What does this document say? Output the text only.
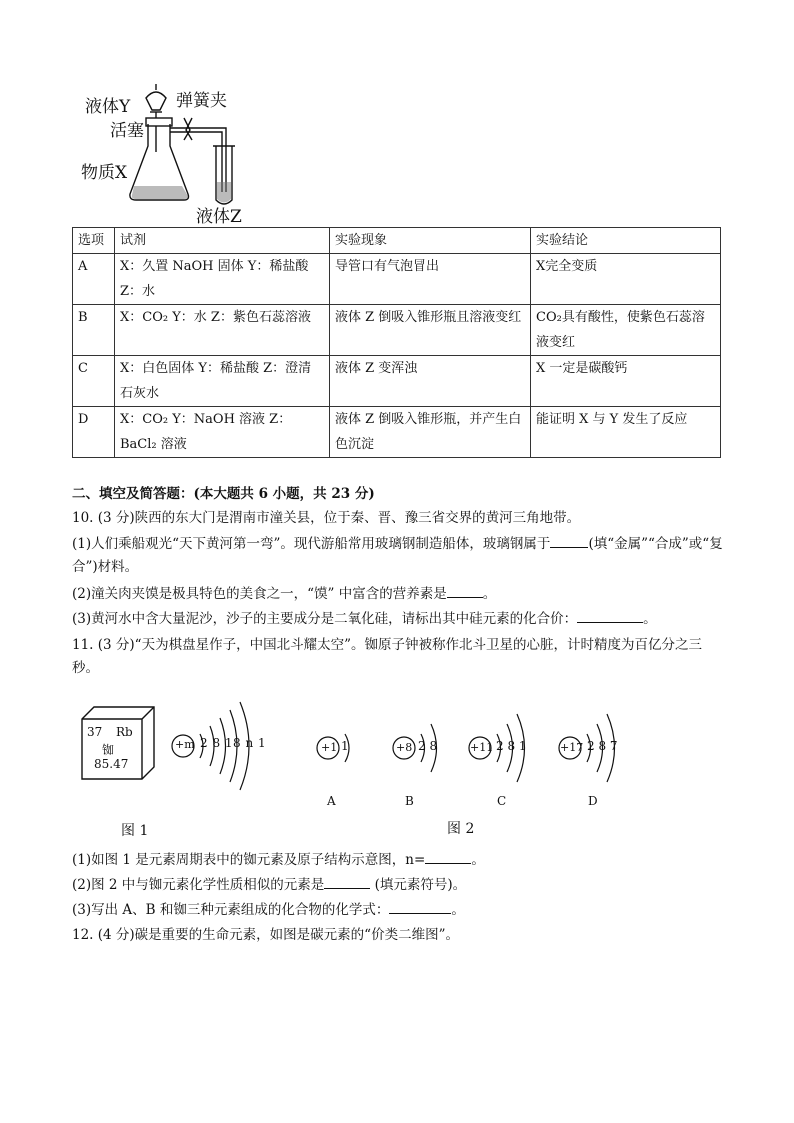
液体Y
活塞
弹簧夹
物质X
液体Z
选项	试剂	实验现象	实验结论
A	X：久置 NaOH 固体 Y：稀盐酸 Z：水	导管口有气泡冒出	X完全变质
B	X：CO₂ Y：水 Z：紫色石蕊溶液	液体 Z 倒吸入锥形瓶且溶液变红	CO₂具有酸性，使紫色石蕊溶液变红
C	X：白色固体 Y：稀盐酸 Z：澄清石灰水	液体 Z 变浑浊	X 一定是碳酸钙
D	X：CO₂ Y：NaOH 溶液 Z：BaCl₂ 溶液	液体 Z 倒吸入锥形瓶，并产生白色沉淀	能证明 X 与 Y 发生了反应
二、填空及简答题：(本大题共 6 小题，共 23 分)
10. (3 分)陕西的东大门是渭南市潼关县，位于秦、晋、豫三省交界的黄河三角地带。
(1)人们乘船观光“天下黄河第一弯”。现代游船常用玻璃钢制造船体，玻璃钢属于	(填“金属”“合成”或“复合”)材料。
(2)潼关肉夹馍是极具特色的美食之一，“馍” 中富含的营养素是	。
(3)黄河水中含大量泥沙，沙子的主要成分是二氧化硅，请标出其中硅元素的化合价：	。
11. (3 分)“天为棋盘星作子，中国北斗耀太空”。铷原子钟被称作北斗卫星的心脏，计时精度为百亿分之三秒。
37 Rb
铷
85.47
+m 2 8 18 n 1	+1 1
A
+8 2 8
B
+11 2 8 1
C
+17 2 8 7
D
图 1	图 2
(1)如图 1 是元素周期表中的铷元素及原子结构示意图，n=	。
(2)图 2 中与铷元素化学性质相似的元素是	(填元素符号)。
(3)写出 A、B 和铷三种元素组成的化合物的化学式：	。
12. (4 分)碳是重要的生命元素，如图是碳元素的“价类二维图”。
